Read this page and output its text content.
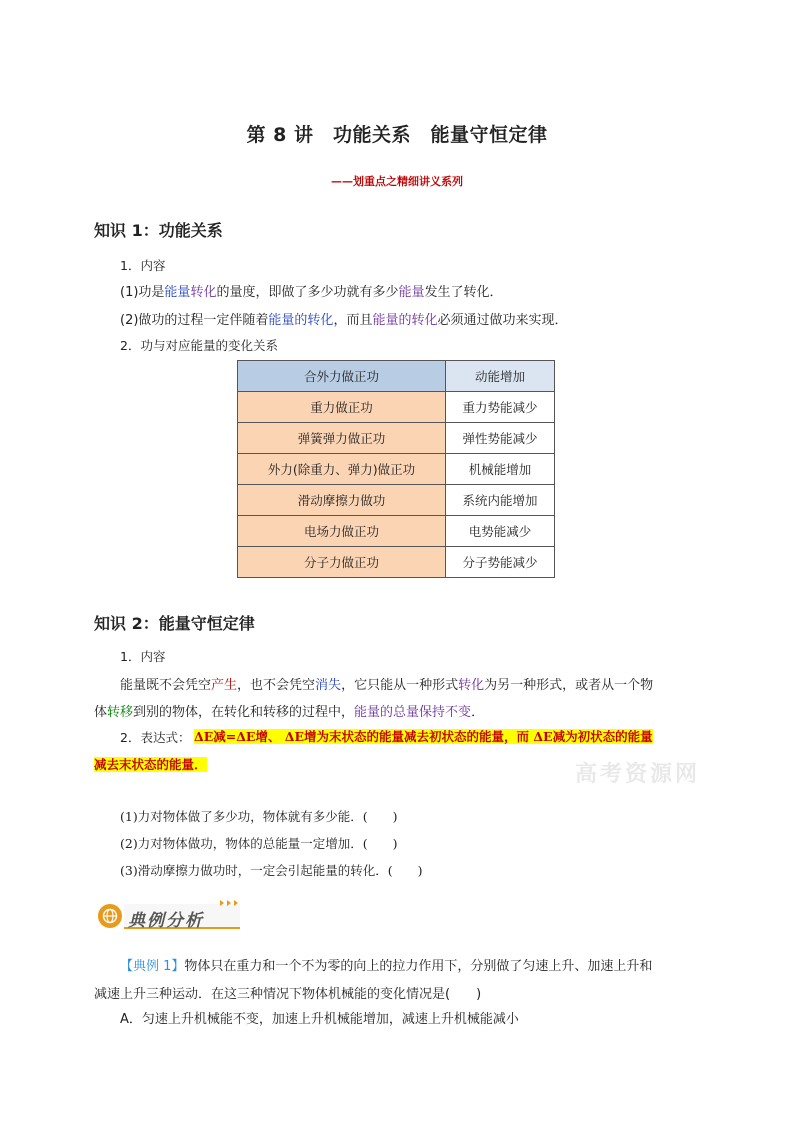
第 8 讲　功能关系　能量守恒定律
——划重点之精细讲义系列
知识 1：功能关系
1．内容
(1)功是能量转化的量度，即做了多少功就有多少能量发生了转化．
(2)做功的过程一定伴随着能量的转化，而且能量的转化必须通过做功来实现．
2．功与对应能量的变化关系
合外力做正功	动能增加
重力做正功	重力势能减少
弹簧弹力做正功	弹性势能减少
外力(除重力、弹力)做正功	机械能增加
滑动摩擦力做功	系统内能增加
电场力做正功	电势能减少
分子力做正功	分子势能减少
知识 2：能量守恒定律
1．内容
能量既不会凭空产生，也不会凭空消失，它只能从一种形式转化为另一种形式，或者从一个物
体转移到别的物体，在转化和转移的过程中，能量的总量保持不变．
2．表达式： ΔE减=ΔE增、 ΔE增为末状态的能量减去初状态的能量，而 ΔE减为初状态的能量
减去末状态的能量．	高考资源网
(1)力对物体做了多少功，物体就有多少能．(　　)
(2)力对物体做功，物体的总能量一定增加．(　　)
(3)滑动摩擦力做功时，一定会引起能量的转化．(　　)
典例分析
【典例 1】物体只在重力和一个不为零的向上的拉力作用下，分别做了匀速上升、加速上升和
减速上升三种运动．在这三种情况下物体机械能的变化情况是(　　)
A．匀速上升机械能不变，加速上升机械能增加，减速上升机械能减小
